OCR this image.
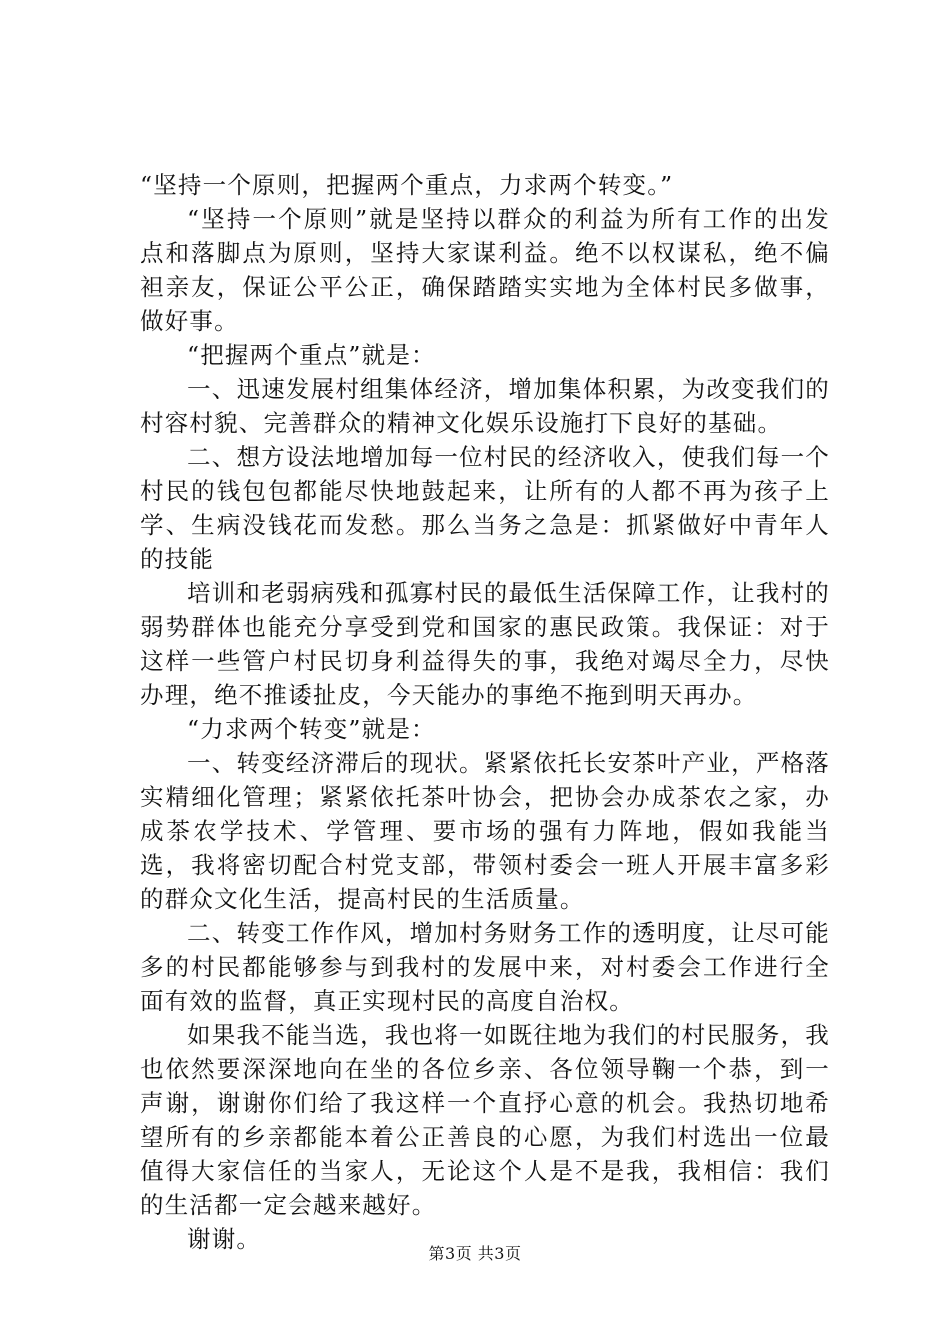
“坚持一个原则，把握两个重点，力求两个转变。”

“坚持一个原则”就是坚持以群众的利益为所有工作的出发点和落脚点为原则，坚持大家谋利益。绝不以权谋私，绝不偏袒亲友，保证公平公正，确保踏踏实实地为全体村民多做事，做好事。

“把握两个重点”就是：

一、迅速发展村组集体经济，增加集体积累，为改变我们的村容村貌、完善群众的精神文化娱乐设施打下良好的基础。

二、想方设法地增加每一位村民的经济收入，使我们每一个村民的钱包包都能尽快地鼓起来，让所有的人都不再为孩子上学、生病没钱花而发愁。那么当务之急是：抓紧做好中青年人的技能

培训和老弱病残和孤寡村民的最低生活保障工作，让我村的弱势群体也能充分享受到党和国家的惠民政策。我保证：对于这样一些管户村民切身利益得失的事，我绝对竭尽全力，尽快办理，绝不推诿扯皮，今天能办的事绝不拖到明天再办。

“力求两个转变”就是：

一、转变经济滞后的现状。紧紧依托长安茶叶产业，严格落实精细化管理；紧紧依托茶叶协会，把协会办成茶农之家，办成茶农学技术、学管理、要市场的强有力阵地，假如我能当选，我将密切配合村党支部，带领村委会一班人开展丰富多彩的群众文化生活，提高村民的生活质量。

二、转变工作作风，增加村务财务工作的透明度，让尽可能多的村民都能够参与到我村的发展中来，对村委会工作进行全面有效的监督，真正实现村民的高度自治权。

如果我不能当选，我也将一如既往地为我们的村民服务，我也依然要深深地向在坐的各位乡亲、各位领导鞠一个恭，到一声谢，谢谢你们给了我这样一个直抒心意的机会。我热切地希望所有的乡亲都能本着公正善良的心愿，为我们村选出一位最值得大家信任的当家人，无论这个人是不是我，我相信：我们的生活都一定会越来越好。

谢谢。

第3页 共3页
